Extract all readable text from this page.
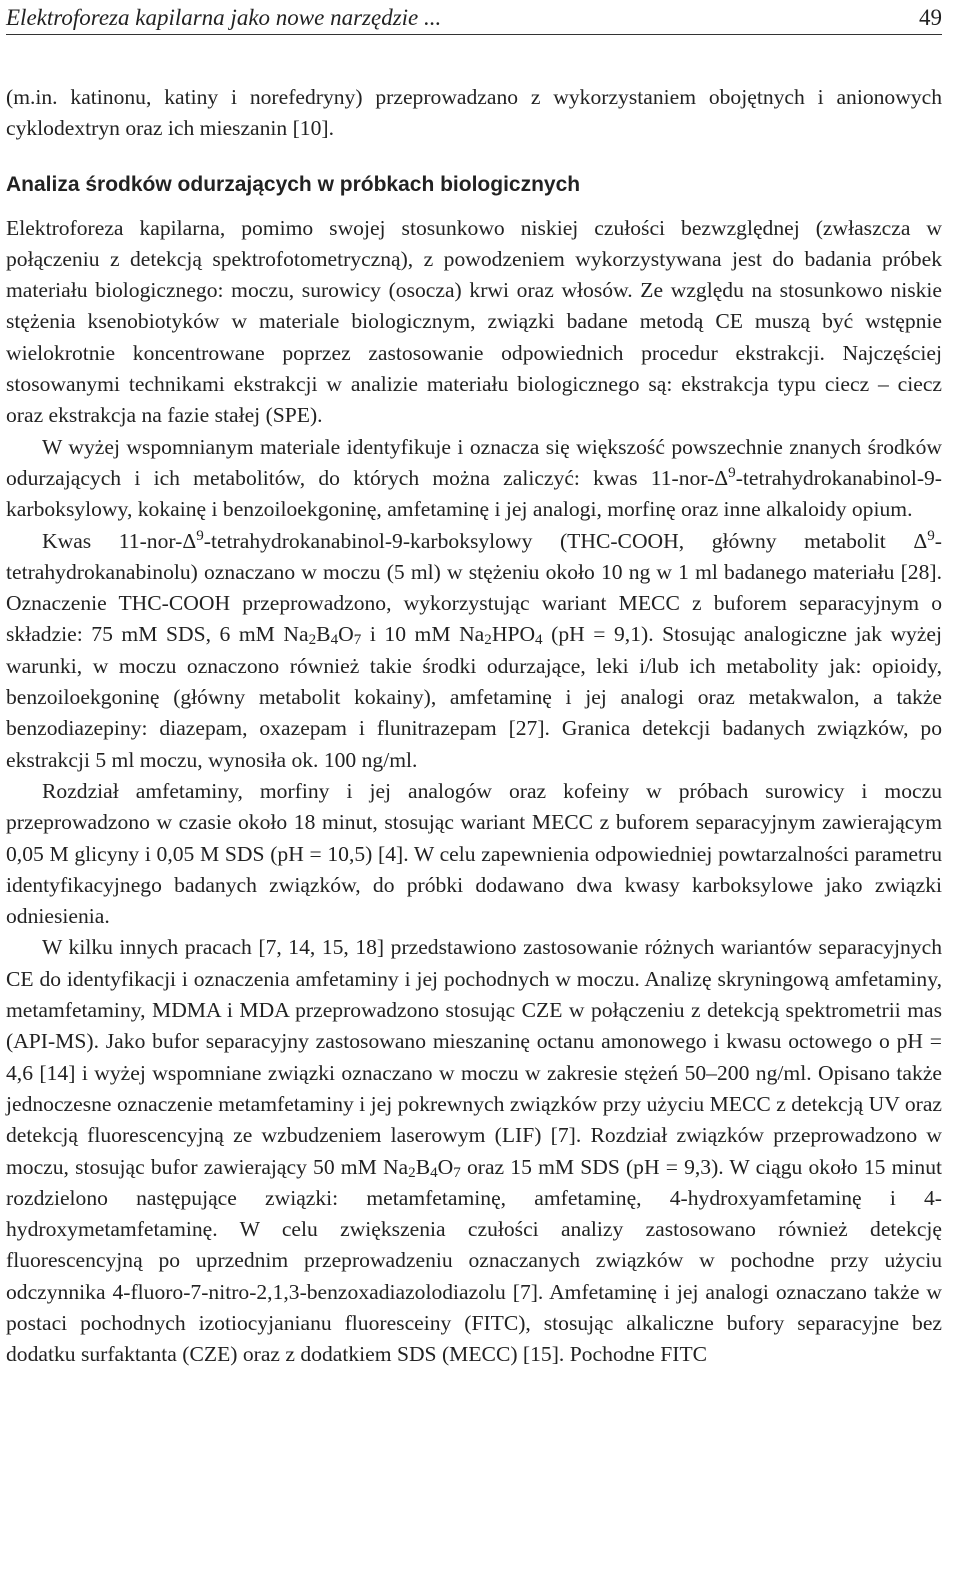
Elektroforeza kapilarna jako nowe narzędzie ...	49

(m.in. katinonu, katiny i norefedryny) przeprowadzano z wykorzystaniem obojętnych i anionowych cyklodextryn oraz ich mieszanin [10].

Analiza środków odurzających w próbkach biologicznych

Elektroforeza kapilarna, pomimo swojej stosunkowo niskiej czułości bezwzględnej (zwłaszcza w połączeniu z detekcją spektrofotometryczną), z powodzeniem wykorzystywana jest do badania próbek materiału biologicznego: moczu, surowicy (osocza) krwi oraz włosów. Ze względu na stosunkowo niskie stężenia ksenobiotyków w materiale biologicznym, związki badane metodą CE muszą być wstępnie wielokrotnie koncentrowane poprzez zastosowanie odpowiednich procedur ekstrakcji. Najczęściej stosowanymi technikami ekstrakcji w analizie materiału biologicznego są: ekstrakcja typu ciecz – ciecz oraz ekstrakcja na fazie stałej (SPE).

W wyżej wspomnianym materiale identyfikuje i oznacza się większość powszechnie znanych środków odurzających i ich metabolitów, do których można zaliczyć: kwas $11-nor-\Delta^9-tetrahydrokanabinol-9$-karboksylowy, kokainę i benzoiloekgoninę, amfetaminę i jej analogi, morfinę oraz inne alkaloidy opium.

Kwas $11-nor-\Delta^9-tetrahydrokanabinol-9$-karboksylowy (THC-COOH, główny metabolit $\Delta^9-tetrahydrokanabinolu$) oznaczano w moczu (5 ml) w stężeniu około 10 ng w 1 ml badanego materiału [28]. Oznaczenie THC-COOH przeprowadzono, wykorzystując wariant MECC z buforem separacyjnym o składzie: 75 mM SDS, 6 mM $Na_2B_4O_7$ i 10 mM $Na_2HPO_4$ (pH = 9,1). Stosując analogiczne jak wyżej warunki, w moczu oznaczono również takie środki odurzające, leki i/lub ich metabolity jak: opioidy, benzoiloekgoninę (główny metabolit kokainy), amfetaminę i jej analogi oraz metakwalon, a także benzodiazepiny: diazepam, oxazepam i flunitrazepam [27]. Granica detekcji badanych związków, po ekstrakcji 5 ml moczu, wynosiła ok. 100 ng/ml.

Rozdział amfetaminy, morfiny i jej analogów oraz kofeiny w próbach surowicy i moczu przeprowadzono w czasie około 18 minut, stosując wariant MECC z buforem separacyjnym zawierającym 0,05 M glicyny i 0,05 M SDS (pH = 10,5) [4]. W celu zapewnienia odpowiedniej powtarzalności parametru identyfikacyjnego badanych związków, do próbki dodawano dwa kwasy karboksylowe jako związki odniesienia.

W kilku innych pracach [7, 14, 15, 18] przedstawiono zastosowanie różnych wariantów separacyjnych CE do identyfikacji i oznaczenia amfetaminy i jej pochodnych w moczu. Analizę skryningową amfetaminy, metamfetaminy, MDMA i MDA przeprowadzono stosując CZE w połączeniu z detekcją spektrometrii mas (API-MS). Jako bufor separacyjny zastosowano mieszaninę octanu amonowego i kwasu octowego o pH = 4,6 [14] i wyżej wspomniane związki oznaczano w moczu w zakresie stężeń 50–200 ng/ml. Opisano także jednoczesne oznaczenie metamfetaminy i jej pokrewnych związków przy użyciu MECC z detekcją UV oraz detekcją fluorescencyjną ze wzbudzeniem laserowym (LIF) [7]. Rozdział związków przeprowadzono w moczu, stosując bufor zawierający 50 mM $Na_2B_4O_7$ oraz 15 mM SDS (pH = 9,3). W ciągu około 15 minut rozdzielono następujące związki: metamfetaminę, amfetaminę, 4-hydroxyamfetaminę i 4-hydroxymetamfetaminę. W celu zwiększenia czułości analizy zastosowano również detekcję fluorescencyjną po uprzednim przeprowadzeniu oznaczanych związków w pochodne przy użyciu odczynnika 4-fluoro-7-nitro-2,1,3-benzoxadiazolodiazolu [7]. Amfetaminę i jej analogi oznaczano także w postaci pochodnych izotiocyjanianu fluoresceiny (FITC), stosując alkaliczne bufory separacyjne bez dodatku surfaktanta (CZE) oraz z dodatkiem SDS (MECC) [15]. Pochodne FITC
